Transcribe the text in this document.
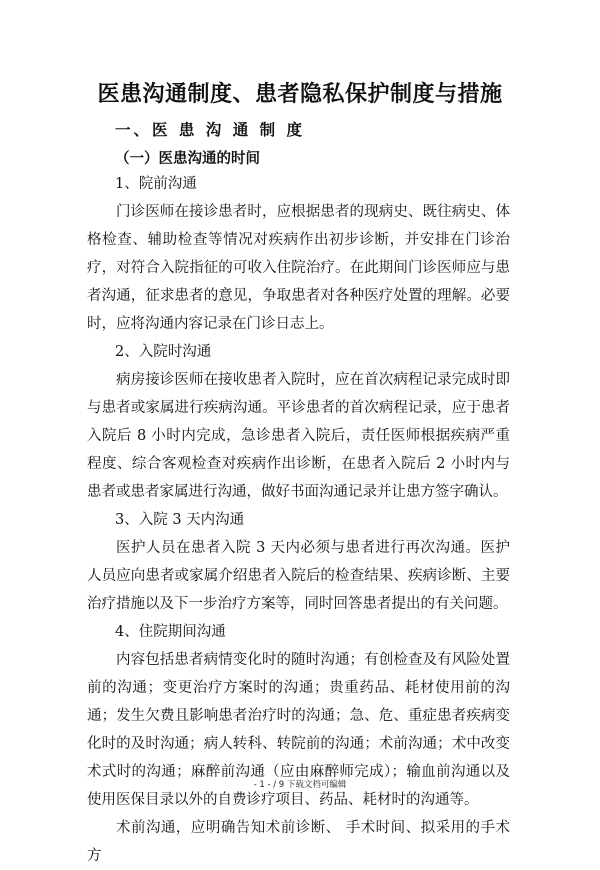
医患沟通制度、患者隐私保护制度与措施
一、医 患 沟 通 制 度
（一）医患沟通的时间

1、院前沟通

门诊医师在接诊患者时，应根据患者的现病史、既往病史、体格检查、辅助检查等情况对疾病作出初步诊断，并安排在门诊治疗，对符合入院指征的可收入住院治疗。在此期间门诊医师应与患者沟通，征求患者的意见，争取患者对各种医疗处置的理解。必要时，应将沟通内容记录在门诊日志上。

2、入院时沟通

病房接诊医师在接收患者入院时，应在首次病程记录完成时即与患者或家属进行疾病沟通。平诊患者的首次病程记录，应于患者入院后 8 小时内完成，急诊患者入院后，责任医师根据疾病严重程度、综合客观检查对疾病作出诊断，在患者入院后 2 小时内与患者或患者家属进行沟通，做好书面沟通记录并让患方签字确认。

3、入院 3 天内沟通

医护人员在患者入院 3 天内必须与患者进行再次沟通。医护人员应向患者或家属介绍患者入院后的检查结果、疾病诊断、主要治疗措施以及下一步治疗方案等，同时回答患者提出的有关问题。

4、住院期间沟通

内容包括患者病情变化时的随时沟通；有创检查及有风险处置前的沟通；变更治疗方案时的沟通；贵重药品、耗材使用前的沟通；发生欠费且影响患者治疗时的沟通；急、危、重症患者疾病变化时的及时沟通；病人转科、转院前的沟通；术前沟通；术中改变术式时的沟通；麻醉前沟通（应由麻醉师完成）；输血前沟通以及使用医保目录以外的自费诊疗项目、药品、耗材时的沟通等。

术前沟通，应明确告知术前诊断、 手术时间、拟采用的手术方

- 1 - / 9 下载文档可编辑
